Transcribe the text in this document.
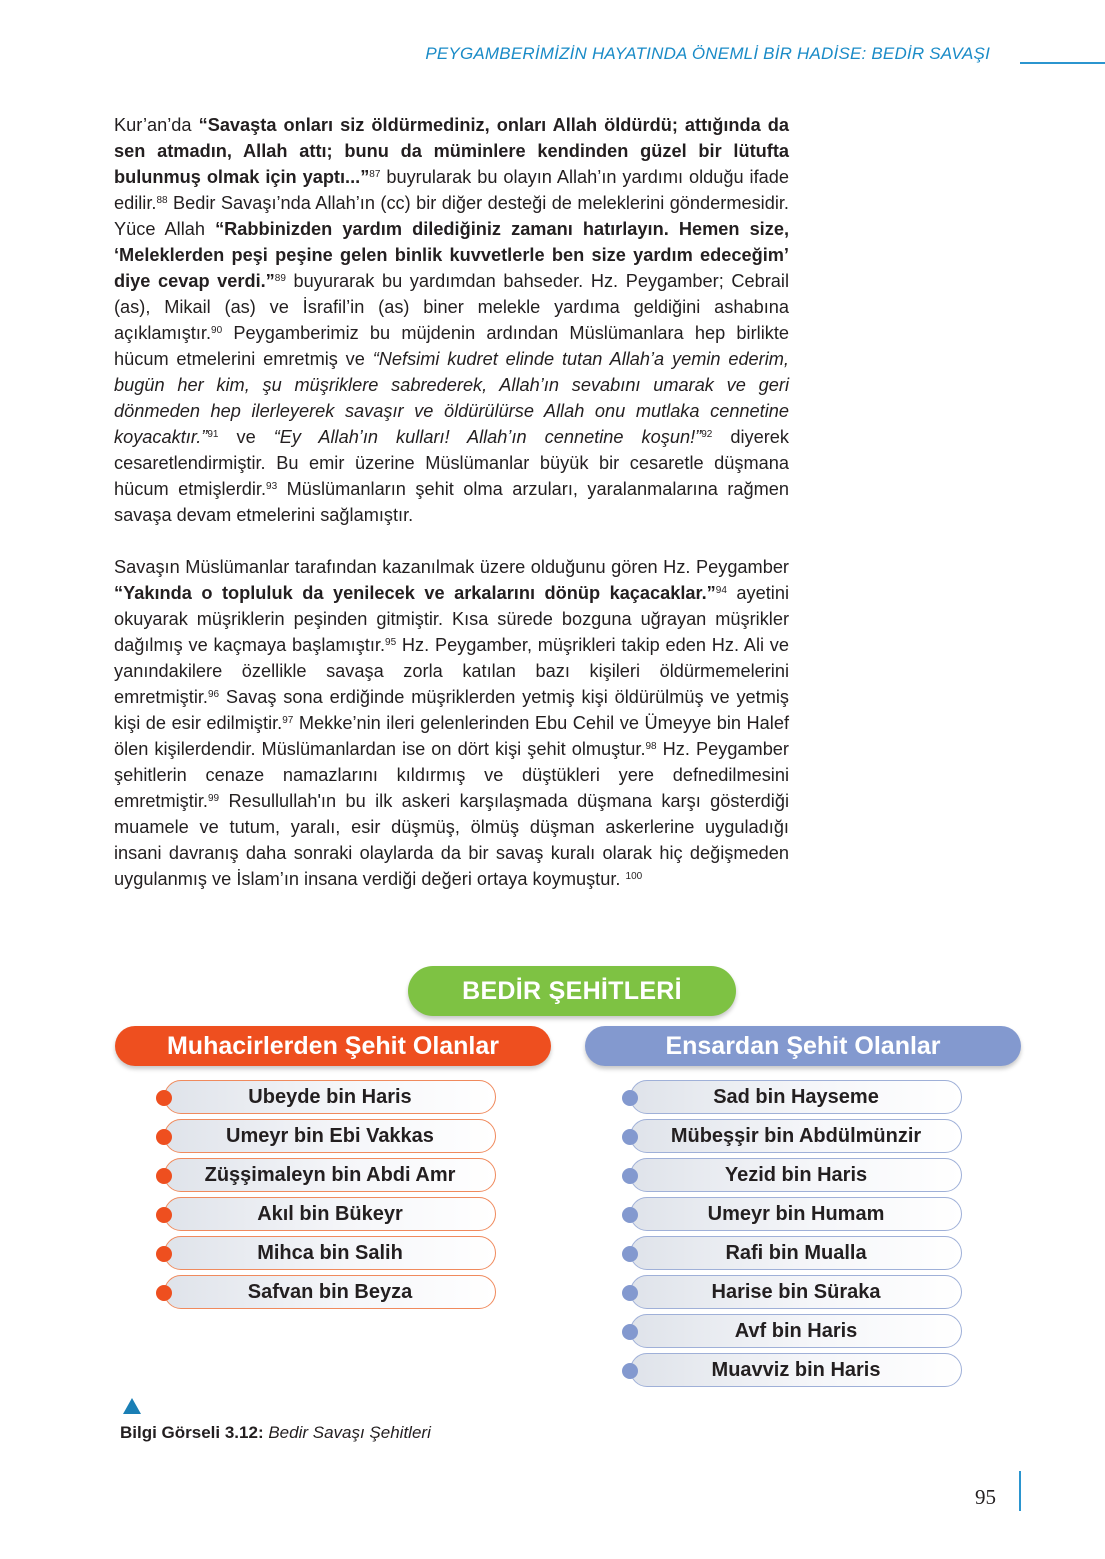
PEYGAMBERİMİZİN HAYATINDA ÖNEMLİ BİR HADİSE: BEDİR SAVAŞI
Kur’an’da “Savaşta onları siz öldürmediniz, onları Allah öldürdü; attığında da sen atmadın, Allah attı; bunu da müminlere kendinden güzel bir lütufta bulunmuş olmak için yaptı...”$^{87}$ buyrularak bu olayın Allah’ın yardımı olduğu ifade edilir.$^{88}$ Bedir Savaşı’nda Allah’ın (cc) bir diğer desteği de meleklerini göndermesidir. Yüce Allah “Rabbinizden yardım dilediğiniz zamanı hatırlayın. Hemen size, ‘Meleklerden peşi peşine gelen binlik kuvvetlerle ben size yardım edeceğim’ diye cevap verdi.”$^{89}$ buyurarak bu yardımdan bahseder. Hz. Peygamber; Cebrail (as), Mikail (as) ve İsrafil’in (as) biner melekle yardıma geldiğini ashabına açıklamıştır.$^{90}$ Peygamberimiz bu müjdenin ardından Müslümanlara hep birlikte hücum etmelerini emretmiş ve “Nefsimi kudret elinde tutan Allah’a yemin ederim, bugün her kim, şu müşriklere sabrederek, Allah’ın sevabını umarak ve geri dönmeden hep ilerleyerek savaşır ve öldürülürse Allah onu mutlaka cennetine koyacaktır.”$^{91}$ ve “Ey Allah’ın kulları! Allah’ın cennetine koşun!”$^{92}$ diyerek cesaretlendirmiştir. Bu emir üzerine Müslümanlar büyük bir cesaretle düşmana hücum etmişlerdir.$^{93}$ Müslümanların şehit olma arzuları, yaralanmalarına rağmen savaşa devam etmelerini sağlamıştır.
Savaşın Müslümanlar tarafından kazanılmak üzere olduğunu gören Hz. Peygamber “Yakında o topluluk da yenilecek ve arkalarını dönüp kaçacaklar.”$^{94}$ ayetini okuyarak müşriklerin peşinden gitmiştir. Kısa sürede bozguna uğrayan müşrikler dağılmış ve kaçmaya başlamıştır.$^{95}$ Hz. Peygamber, müşrikleri takip eden Hz. Ali ve yanındakilere özellikle savaşa zorla katılan bazı kişileri öldürmemelerini emretmiştir.$^{96}$ Savaş sona erdiğinde müşriklerden yetmiş kişi öldürülmüş ve yetmiş kişi de esir edilmiştir.$^{97}$ Mekke’nin ileri gelenlerinden Ebu Cehil ve Ümeyye bin Halef ölen kişilerdendir. Müslümanlardan ise on dört kişi şehit olmuştur.$^{98}$ Hz. Peygamber şehitlerin cenaze namazlarını kıldırmış ve düştükleri yere defnedilmesini emretmiştir.$^{99}$ Resullullah'ın bu ilk askeri karşılaşmada düşmana karşı gösterdiği muamele ve tutum, yaralı, esir düşmüş, ölmüş düşman askerlerine uyguladığı insani davranış daha sonraki olaylarda da bir savaş kuralı olarak hiç değişmeden uygulanmış ve İslam’ın insana verdiği değeri ortaya koymuştur. $^{100}$
BEDİR ŞEHİTLERİ
Muhacirlerden Şehit Olanlar	Ensardan Şehit Olanlar
Ubeyde bin Haris
Umeyr bin Ebi Vakkas
Züşşimaleyn bin Abdi Amr
Akıl bin Bükeyr
Mihca bin Salih
Safvan bin Beyza
Sad bin Hayseme
Mübeşşir bin Abdülmünzir
Yezid bin Haris
Umeyr bin Humam
Rafi bin Mualla
Harise bin Süraka
Avf bin Haris
Muavviz bin Haris
Bilgi Görseli 3.12: Bedir Savaşı Şehitleri
95
